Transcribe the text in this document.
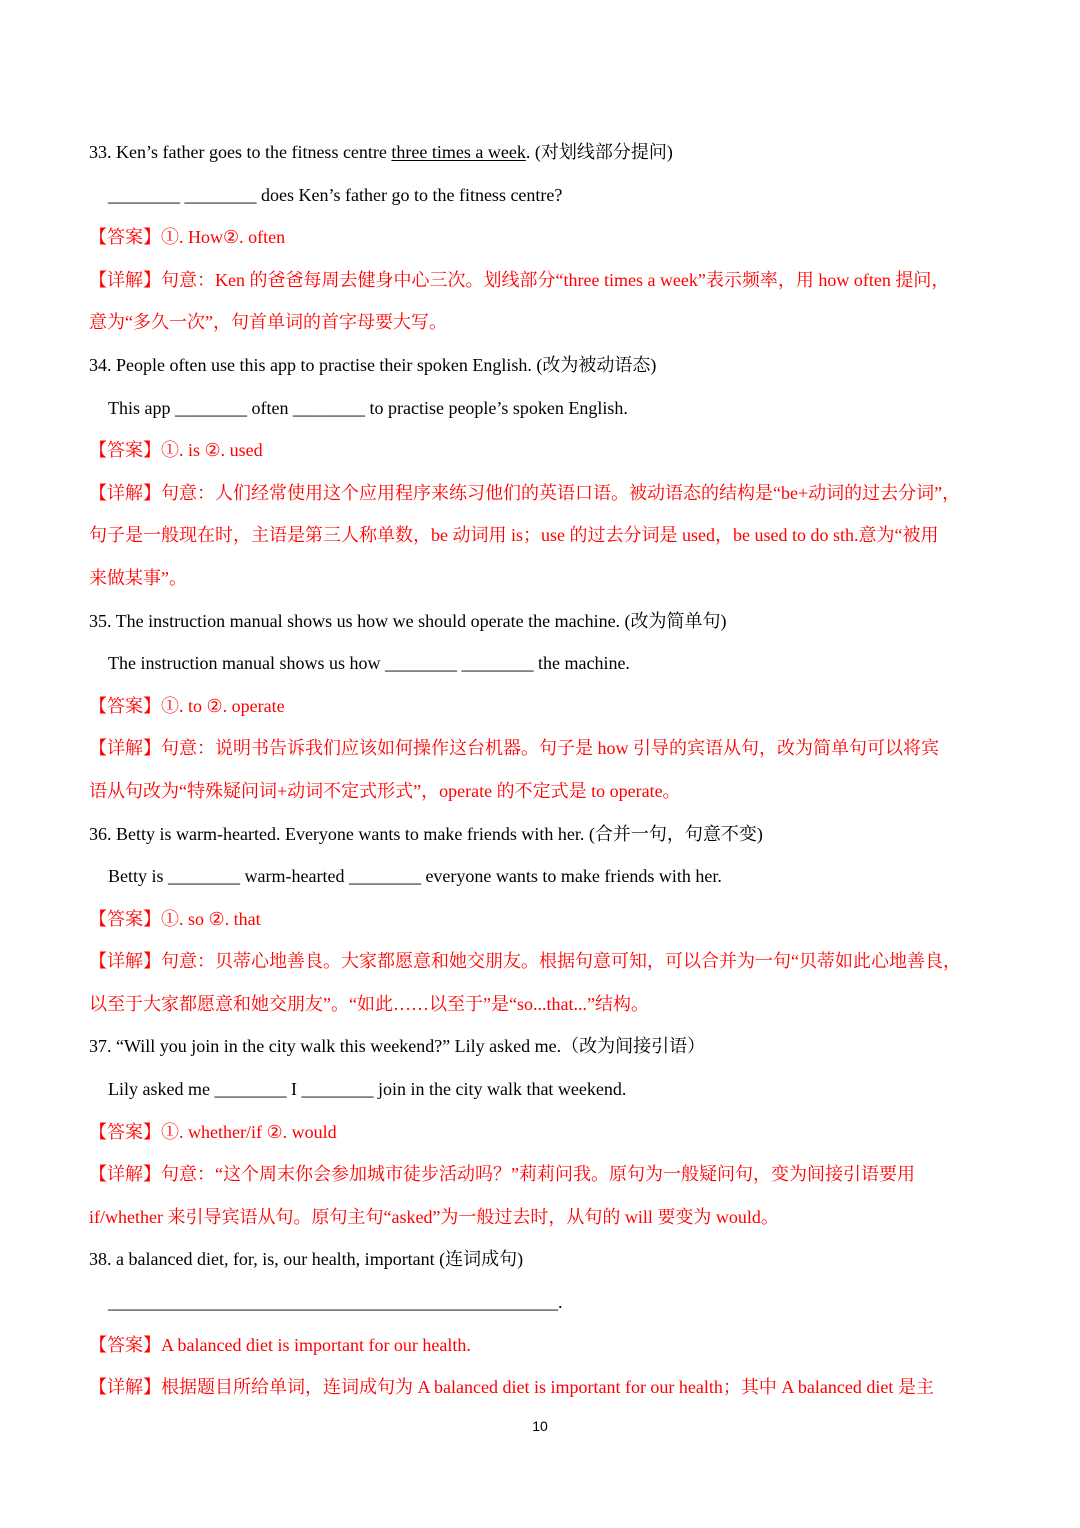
33. Ken’s father goes to the fitness centre three times a week. (对划线部分提问)
________ ________ does Ken’s father go to the fitness centre?
【答案】①. How②. often
【详解】句意：Ken 的爸爸每周去健身中心三次。划线部分“three times a week”表示频率，用 how often 提问，
意为“多久一次”，句首单词的首字母要大写。
34. People often use this app to practise their spoken English. (改为被动语态)
This app ________ often ________ to practise people’s spoken English.
【答案】①. is ②. used
【详解】句意：人们经常使用这个应用程序来练习他们的英语口语。被动语态的结构是“be+动词的过去分词”，
句子是一般现在时，主语是第三人称单数，be 动词用 is；use 的过去分词是 used，be used to do sth.意为“被用
来做某事”。
35. The instruction manual shows us how we should operate the machine. (改为简单句)
The instruction manual shows us how ________ ________ the machine.
【答案】①. to ②. operate
【详解】句意：说明书告诉我们应该如何操作这台机器。句子是 how 引导的宾语从句，改为简单句可以将宾
语从句改为“特殊疑问词+动词不定式形式”，operate 的不定式是 to operate。
36. Betty is warm-hearted. Everyone wants to make friends with her. (合并一句，句意不变)
Betty is ________ warm-hearted ________ everyone wants to make friends with her.
【答案】①. so ②. that
【详解】句意：贝蒂心地善良。大家都愿意和她交朋友。根据句意可知，可以合并为一句“贝蒂如此心地善良，
以至于大家都愿意和她交朋友”。“如此……以至于”是“so...that...”结构。
37. “Will you join in the city walk this weekend?” Lily asked me.（改为间接引语）
Lily asked me ________ I ________ join in the city walk that weekend.
【答案】①. whether/if ②. would
【详解】句意：“这个周末你会参加城市徒步活动吗？”莉莉问我。原句为一般疑问句，变为间接引语要用
if/whether 来引导宾语从句。原句主句“asked”为一般过去时，从句的 will 要变为 would。
38. a balanced diet, for, is, our health, important (连词成句)
__________________________________________________.
【答案】A balanced diet is important for our health.
【详解】根据题目所给单词，连词成句为 A balanced diet is important for our health；其中 A balanced diet 是主
10
